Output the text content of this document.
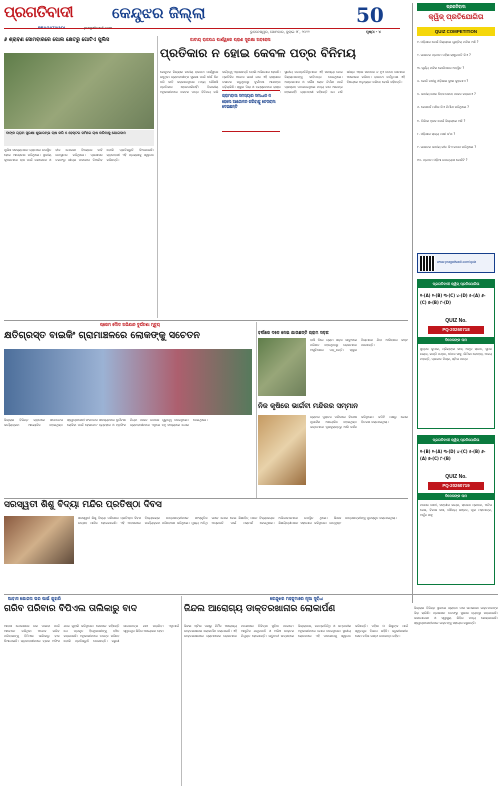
ପ୍ରଗତିବାଦୀ	କେନ୍ଦୁଝର ଜିଲ୍ଲା	50
ଭୁବନେଶ୍ୱର, ସୋମବାର, ଜୁଲାଇ ୧୮, ୨୦୨୨	ପୃଷ୍ଠା - ୪
ଜାତୀୟ ରାଜପଥ ପାର୍ଶ୍ୱରେ ପ୍ରାଣ ସୁରକ୍ଷା ଅବହେଳା
ପ୍ରତିକାର ନ ହୋଇ କେବଳ ପତ୍ର ବିନିମୟ
୬ ଶ୍ରାବଣ ସୋମବାରରେ ପୋଲ କ୍ଷେତରୁ ଗୋଟିଏ ପୁଲିସ
ବାଙ୍କ ଗ୍ରାମ ସୁରକ୍ଷା ଶୁଭାରମ୍ଭ ଚାଷ କରି ୫ ହେକ୍ଟର ଜମିରେ ଚାଷ କରିବାକୁ ଯୋଗଦାନ
ପୁଲିସ ସଦସ୍ୟମାନେ ଗ୍ରାମରେ ଉପସ୍ଥିତ ହୋଇ ଆଲୋଚନା କରିଥିଲେ। ସ୍ଥାନୀୟ କୃଷକମାନେ ଚାଷ ପାଇଁ ଜଳସେଚନ ଓ ବୀଜ ଯୋଗାଣ ବିଷୟରେ ଦାବି ଉପସ୍ଥାପନ କରିଥିଲେ। ପ୍ରଶାସନ ତରଫରୁ ଶୀଘ୍ର ପଦକ୍ଷେପ ନିଆଯିବ ବୋଲି ପ୍ରତିଶ୍ରୁତି ଦିଆଯାଇଛି। ଗ୍ରାମବାସୀ ଏହି ପ୍ରୟାସକୁ ସ୍ୱାଗତ କରିଛନ୍ତି।
କେନ୍ଦୁଝର ଜିଲ୍ଲାର ଜାତୀୟ ରାଜପଥ ପାର୍ଶ୍ୱରେ ରହୁଥିବା ଗ୍ରାମବାସୀଙ୍କ ସୁରକ୍ଷା ପାଇଁ ଦୀର୍ଘ ଦିନ ଧରି ଦାବି କରାଯାଉଥିଲେ ମଧ୍ୟ କୌଣସି ପ୍ରତିକାର ହୋଇପାରିନାହିଁ। ବିଭାଗୀୟ ଅଧିକାରୀମାନେ କେବଳ ପତ୍ର ବିନିମୟ କରି ଦାୟିତ୍ୱ ଏଡ଼ାଉଛନ୍ତି ବୋଲି ଅଭିଯୋଗ ହେଉଛି। ପ୍ରତିଦିନ ଅନେକ ଭାରୀ ଯାନ ଏହି ରାସ୍ତାରେ ଚଳାଚଳ କରୁଥିବାରୁ ଦୁର୍ଘଟଣା ଆଶଙ୍କା ବଢ଼ିଚାଲିଛି। ସ୍କୁଲ ପିଲା ଓ ବୟସ୍କମାନେ ରାସ୍ତା ସ୍ଥାନୀୟ ଜନପ୍ରତିନିଧିମାନେ ଏହି ସମସ୍ୟା ନେଇ ଜିଲ୍ଲାପାଳଙ୍କୁ ଦାବିପତ୍ର ଦେଇଥିଲେ। ଅଣ୍ଡରପାସ ଓ ସର୍ଭିସ ରୋଡ ନିର୍ମାଣ ପାଇଁ ପ୍ରସ୍ତାବ ପଠାଯାଇଥିଲେ ମଧ୍ୟ କାମ ଆରମ୍ଭ ହୋଇନାହିଁ। ଗ୍ରାମବାସୀ କହିଛନ୍ତି ଯେ ଯଦି ଶୀଘ୍ର ଏହାର ସମାଧାନ ନ ହୁଏ ତେବେ ସେମାନେ ଆନ୍ଦୋଳନ କରିବେ। ରାଜପଥ କର୍ତ୍ତୃପକ୍ଷ ଏହି ବିଷୟରେ ଅନୁଧ୍ୟାନ କରିବେ ବୋଲି କହିଛନ୍ତି।
ଗ୍ରାମବାସୀ ସମସ୍ୟାର ସମାଧାନ ନ ହେଲେ ଆନ୍ଦୋଳନ କରିବାକୁ ଚେତାବନୀ ଦେଇଛନ୍ତି
ପ୍ରେମ ଦୌଡ ଅଭିଯାନ ଦୁର୍ଘଟଣା ମୃତ୍ୟୁ
କ୍ଷତିଗ୍ରସ୍ତ ବାଇକିଂ ଗ୍ରାମାଞ୍ଚଳରେ ଲୋକଙ୍କୁ ସଚେତନ
ଜିଲ୍ଲାର ବିଭିନ୍ନ ଗ୍ରାମରେ ସଚେତନତା କାର୍ଯ୍ୟକ୍ରମ ଆୟୋଜିତ ହୋଇଥିଲା। ସ୍ୱେଚ୍ଛାସେବୀ ସଂଗଠନର ସଦସ୍ୟମାନେ ଦୁର୍ଘଟଣା ରୋକିବା ପାଇଁ ହେଲମେଟ ବ୍ୟବହାର ଓ ଟ୍ରାଫିକ ନିୟମ ପାଳନ ଉପରେ ଗୁରୁତ୍ୱ ଦେଇଥିଲେ। ଗ୍ରାମବାସୀମାନେ ଏଥିରେ ବହୁ ସଂଖ୍ୟାରେ ଯୋଗ ଦେଇଥିଲେ।
ବର୍ଷାରେ ଦଳେ ନେଇ ଯାଉଛନ୍ତି ଗ୍ରାମ ସଡ଼କ
ବର୍ଷା ଦିନେ ଗ୍ରାମ ସଡ଼କ କାଦୁଅରେ ପରିଣତ ହେଉଥିବାରୁ ଲୋକମାନେ ଅସୁବିଧାରେ ପଡ଼ୁଛନ୍ତି। ସ୍କୁଲ ପିଲାମାନେ ଯିବା ଆସିବାରେ କଷ୍ଟ ପାଉଛନ୍ତି।
ନିଜ କୃଷିରେ ଭାର୍ଗବୀ ମନ୍ଦିରର ସମ୍ମାନ
ଗ୍ରାମର ପୁରାତନ ମନ୍ଦିରରେ ବିଶେଷ ପୂଜାର୍ଚ୍ଚନା ଆୟୋଜିତ ହୋଇଥିଲା। ଭକ୍ତମାନେ ଦୂରଦୂରାନ୍ତରୁ ଆସି ଦର୍ଶନ କରିଥିଲେ। କମିଟି ପକ୍ଷରୁ ଭୋଗ ବିତରଣ କରାଯାଇଥିଲା।
ସରସ୍ୱତୀ ଶିଶୁ ବିଦ୍ୟା ମନ୍ଦିର ପ୍ରତିଷ୍ଠା ଦିବସ
ସରସ୍ୱତୀ ଶିଶୁ ବିଦ୍ୟା ମନ୍ଦିରରେ ପ୍ରତିଷ୍ଠା ଦିବସ ଉତ୍ସବ ପାଳିତ ହୋଇଯାଇଛି। ଏହି ଅବସରରେ ବିଦ୍ୟାଳୟର ଛାତ୍ରଛାତ୍ରୀମାନେ ସାଂସ୍କୃତିକ କାର୍ଯ୍ୟକ୍ରମ ପରିବେଷଣ କରିଥିଲେ। ମୁଖ୍ୟ ଅତିଥି ଭାବେ ଯୋଗ ଦେଇ ଶିକ୍ଷାବିତ୍ ମାନେ ବିଦ୍ୟାଳୟର ଅଗ୍ରଗତି ପାଇଁ ପରାମର୍ଶ ଦେଇଥିଲେ। ଅଭିଭାବକମାନେ ଉପସ୍ଥିତ ଥିଲେ। ଶିକ୍ଷକ ଶିକ୍ଷୟିତ୍ରୀମାନେ ସହଯୋଗ କରିଥିଲେ। ଉତ୍କୃଷ୍ଟ ଛାତ୍ରଛାତ୍ରୀଙ୍କୁ ପୁରସ୍କୃତ କରାଯାଇଥିଲା।
ଆବାସ ଯୋଜନା ଘର ପାଇଁ ଗୁହାରି
ଗରିବ ପରିବାର ବିପିଏଲ ତାଲିକାରୁ ବାଦ
ଆବାସ ଯୋଜନାରେ ଘର ପାଇବା ପାଇଁ ଆବେଦନ କରିଥିବା ଅନେକ ଗରିବ ପରିବାରଙ୍କୁ ବିପିଏଲ ତାଲିକାରୁ ବାଦ ଦିଆଯାଇଛି। ଗ୍ରାମବାସୀମାନେ ବ୍ଲକ ଅଫିସ ଯାଇ ଗୁହାରି କରିଥିଲେ। ସେମାନେ କହିଛନ୍ତି ଯେ ପ୍ରକୃତ ହିତାଧିକାରୀଙ୍କୁ ବଞ୍ଚିତ କରାଯାଉଛି। ଅଧିକାରୀମାନେ ତଦନ୍ତ କରିବେ ବୋଲି ପ୍ରତିଶ୍ରୁତି ଦେଇଛନ୍ତି। ଜରୁରୀ କାଗଜପତ୍ର ଯାଞ୍ଚ କରାଯିବ। ଏଥିପାଇଁ ସ୍ୱତନ୍ତ୍ର ଶିବିର ଆୟୋଜନ ହେବ।
କେନ୍ଦୁଝର ମହକୁମାରେ ନୂଆ ସୁବିଧା
ଜିନ୍ଦଲ ଆରୋଗ୍ୟ ଡାକ୍ତରଖାନାର ଲୋକାର୍ପଣ
ଜିନ୍ଦଲ ଷ୍ଟିଲ ପକ୍ଷରୁ ନିର୍ମିତ ଆରୋଗ୍ୟ ଡାକ୍ତରଖାନାର ଲୋକାର୍ପଣ କରାଯାଇଛି। ଏହି ଡାକ୍ତରଖାନାରେ ଗ୍ରାମାଞ୍ଚଳର ଲୋକମାନେ ମାଗଣାରେ ଚିକିତ୍ସା ସୁବିଧା ପାଇବେ। ଆଧୁନିକ ଯନ୍ତ୍ରପାତି ଓ ଅଭିଜ୍ଞ ଡାକ୍ତର ନିଯୁକ୍ତ ହୋଇଛନ୍ତି। ଉଦ୍ଘାଟନୀ ଉତ୍ସବରେ ଜିଲ୍ଲାପାଳ, ଜନପ୍ରତିନିଧି ଓ କମ୍ପାନୀର ଅଧିକାରୀମାନେ ଯୋଗ ଦେଇଥିଲେ। ସ୍ଥାନୀୟ ଲୋକମାନେ ଏହି ପଦକ୍ଷେପକୁ ସ୍ୱାଗତ କରିଛନ୍ତି। ମହିଳା ଓ ଶିଶୁଙ୍କ ପାଇଁ ସ୍ୱତନ୍ତ୍ର ବିଭାଗ ରହିଛି। ଜରୁରୀକାଳୀନ ସେବା ଚବିଶ ଘଣ୍ଟା ଉପଲବ୍ଧ ରହିବ।
ପ୍ରଗତିବାଦୀ
କ୍ୱିଜ୍ ପ୍ରତିଯୋଗିତା
QUIZ COMPETITION
୧. ଓଡ଼ିଶାର କେଉଁ ଜିଲ୍ଲାରେ ଗୁଣ୍ଡିଚା ମନ୍ଦିର ଅଛି ?
୨. ଭାରତର ପ୍ରଥମ ମହିଳା ରାଷ୍ଟ୍ରପତି କିଏ ?
୩. ସୂର୍ଯ୍ୟ ମନ୍ଦିର କେଉଁଠାରେ ଅବସ୍ଥିତ ?
୪. କେଉଁ ନଦୀକୁ ଓଡ଼ିଶାର ଦୁଃଖ କୁହାଯାଏ ?
୫. ଜାତୀୟ ଖେଳ ଦିବସ କେବେ ପାଳନ କରାଯାଏ ?
୬. କୋଣାର୍କ ମନ୍ଦିର କିଏ ନିର୍ମାଣ କରିଥିଲେ ?
୭. ଚିଲିକା ହ୍ରଦ କେଉଁ ଜିଲ୍ଲାରେ ଅଛି ?
୮. ଓଡ଼ିଶାର ରାଜ୍ୟ ପକ୍ଷୀ କ'ଣ ?
୯. ଭାରତର ଜାତୀୟ ଗୀତ କିଏ ରଚନା କରିଥିଲେ ?
୧୦. ପ୍ରଥମ ଓଡ଼ିଆ ଉପନ୍ୟାସ କେଉଁଟି ?
www.pragativadi.com/quiz
ପ୍ରଗତିବାଦୀ କ୍ୱିଜ୍ ପ୍ରତିଯୋଗିତା
୧-(A) ୨-(B) ୩-(C) ୪-(D) ୫-(A) ୬-(C) ୭-(B) ୮-(D)
QUIZ No.
PQ-20260718
ବିଜେତାଙ୍କ ନାମ
ସୁବ୍ରତ କୁମାର, ପ୍ରିୟଙ୍କା ଦାସ, ଅମୃତ ରାଉତ, ସୁମନ ନାୟକ, ରଶ୍ମି ପଣ୍ଡା, ଦୀପକ ସାହୁ, ଲିପିକା ବେହେରା, ଅଜୟ ମହାନ୍ତି, ପ୍ରଭାତ ମିଶ୍ର, ସ୍ମିତା ପାତ୍ର
ପ୍ରଗତିବାଦୀ କ୍ୱିଜ୍ ପ୍ରତିଯୋଗିତା
୧-(B) ୨-(A) ୩-(D) ୪-(C) ୫-(B) ୬-(A) ୭-(C) ୮-(B)
QUIZ No.
PQ-20260719
ବିଜେତାଙ୍କ ନାମ
ମନୋଜ ସେଠୀ, ସଙ୍ଗୀତା ନାୟକ, ରାକେଶ ପ୍ରଧାନ, ଅନିତା ଜେନା, ବିକାଶ ଦାସ, ସୌମ୍ୟ ରଞ୍ଜନ, ପୂଜା ମହାପାତ୍ର, ଅର୍ଜୁନ ସାହୁ
ଜିଲ୍ଲାର ବିଭିନ୍ନ ସ୍ଥାନରେ ଶ୍ରାବଣ ମାସ ଉପଲକ୍ଷେ ଭକ୍ତମାନଙ୍କ ଭିଡ଼ ଲାଗିଛି। ପ୍ରଶାସନ ତରଫରୁ ସୁରକ୍ଷା ବ୍ୟବସ୍ଥା କରାଯାଇଛି। ଜଳଯୋଗାଣ ଓ ସ୍ୱାସ୍ଥ୍ୟ ଶିବିର ମଧ୍ୟ ଖୋଲାଯାଇଛି। ସ୍ୱେଚ୍ଛାସେବୀମାନେ ଭକ୍ତଙ୍କୁ ସହାୟତା କରୁଛନ୍ତି।
